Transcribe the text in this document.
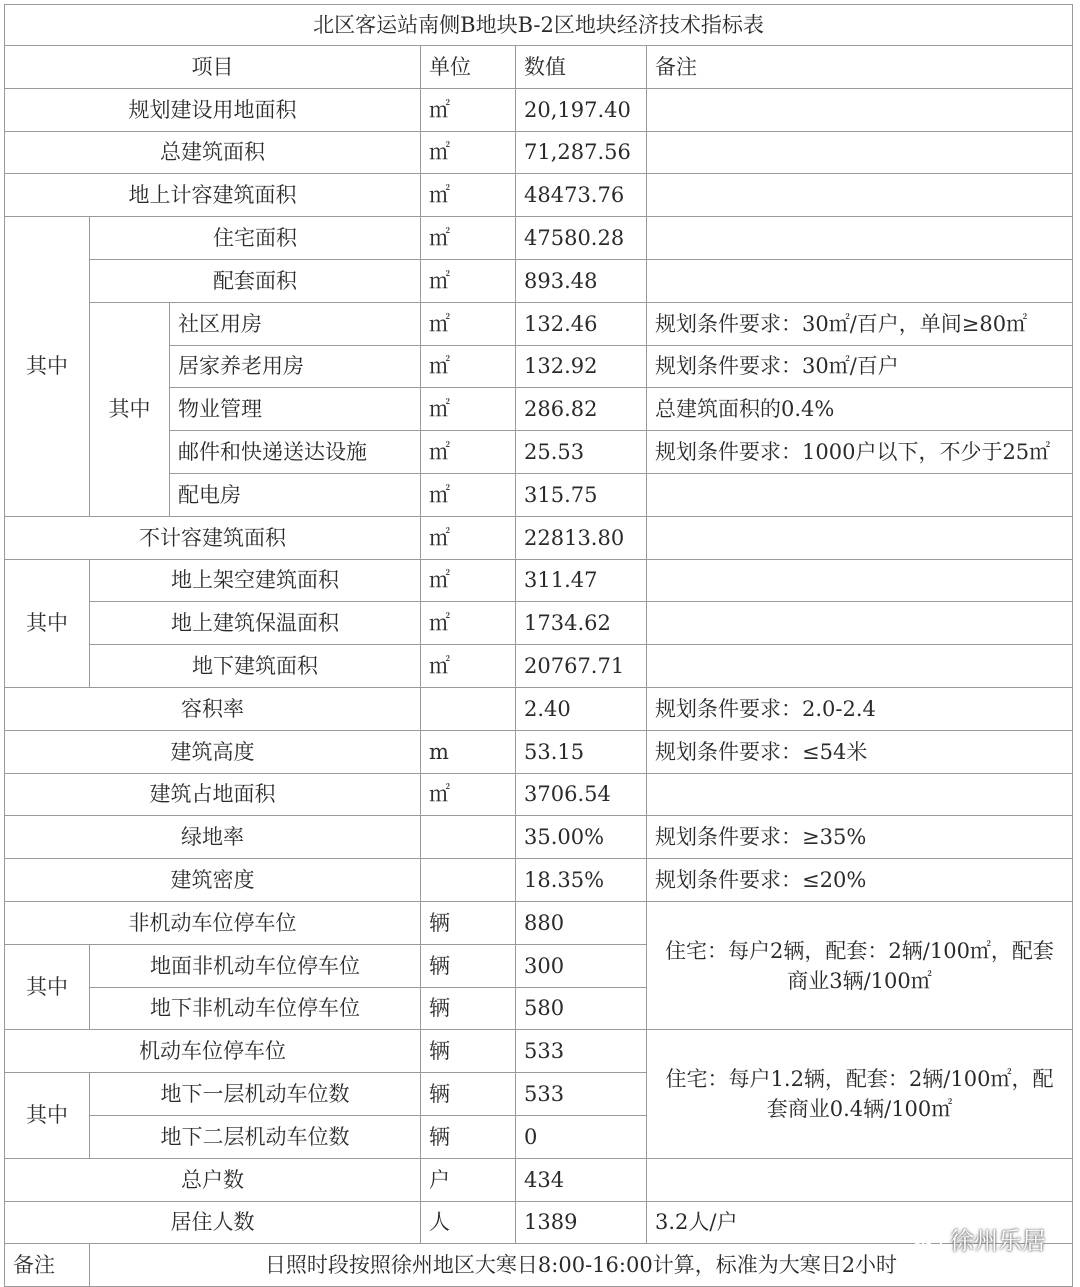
北区客运站南侧B地块B-2区地块经济技术指标表					
项目			单位	数值	备注
规划建设用地面积			㎡	20,197.40	
总建筑面积			㎡	71,287.56	
地上计容建筑面积			㎡	48473.76	
其中	住宅面积		㎡	47580.28	
	配套面积		㎡	893.48	
	其中	社区用房	㎡	132.46	规划条件要求：30㎡/百户，单间≥80㎡
		居家养老用房	㎡	132.92	规划条件要求：30㎡/百户
		物业管理	㎡	286.82	总建筑面积的0.4%
		邮件和快递送达设施	㎡	25.53	规划条件要求：1000户以下，不少于25㎡
		配电房	㎡	315.75	
不计容建筑面积			㎡	22813.80	
其中	地上架空建筑面积		㎡	311.47	
	地上建筑保温面积		㎡	1734.62	
	地下建筑面积		㎡	20767.71	
容积率				2.40	规划条件要求：2.0-2.4
建筑高度			m	53.15	规划条件要求：≤54米
建筑占地面积			㎡	3706.54	
绿地率				35.00%	规划条件要求：≥35%
建筑密度				18.35%	规划条件要求：≤20%
非机动车位停车位			辆	880	住宅：每户2辆，配套：2辆/100㎡，配套
商业3辆/100㎡

其中	地面非机动车位停车位		辆	300	
	地下非机动车位停车位		辆	580	
机动车位停车位			辆	533	住宅：每户1.2辆，配套：2辆/100㎡，配
套商业0.4辆/100㎡

其中	地下一层机动车位数		辆	533	
	地下二层机动车位数		辆	0	
总户数			户	434	
居住人数			人	1389	3.2人/户
备注	日照时段按照徐州地区大寒日8:00-16:00计算，标准为大寒日2小时				
徐州乐居
